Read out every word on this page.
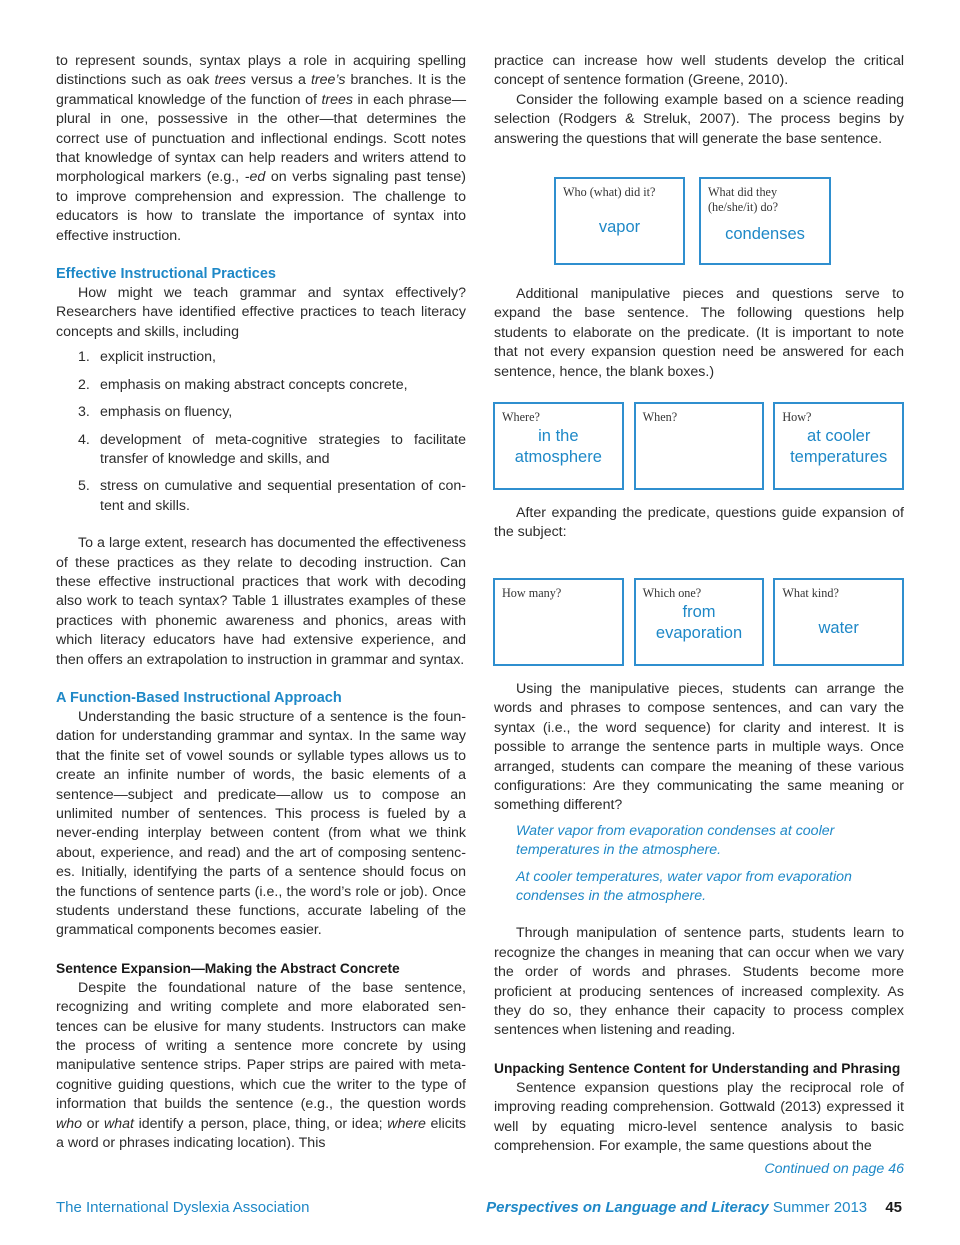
to represent sounds, syntax plays a role in acquiring spelling distinctions such as oak trees versus a tree’s branches. It is the grammatical knowledge of the function of trees in each phrase—plural in one, possessive in the other—that determines the correct use of punctuation and inflectional endings. Scott notes that knowledge of syntax can help readers and writers attend to morphological markers (e.g., -ed on verbs signaling past tense) to improve comprehension and expression. The challenge to educators is how to translate the importance of syntax into effective instruction.

Effective Instructional Practices

How might we teach grammar and syntax effectively? Researchers have identified effective practices to teach literacy concepts and skills, including

1. explicit instruction,
2. emphasis on making abstract concepts concrete,
3. emphasis on fluency,
4. development of meta-cognitive strategies to facilitate transfer of knowledge and skills, and
5. stress on cumulative and sequential presentation of con-tent and skills.

To a large extent, research has documented the effectiveness of these practices as they relate to decoding instruction. Can these effective instructional practices that work with decoding also work to teach syntax? Table 1 illustrates examples of these practices with phonemic awareness and phonics, areas with which literacy educators have had extensive experience, and then offers an extrapolation to instruction in grammar and syntax.

A Function-Based Instructional Approach

Understanding the basic structure of a sentence is the foun-dation for understanding grammar and syntax. In the same way that the finite set of vowel sounds or syllable types allows us to create an infinite number of words, the basic elements of a sentence—subject and predicate—allow us to compose an unlimited number of sentences. This process is fueled by a never-ending interplay between content (from what we think about, experience, and read) and the art of composing sentenc-es. Initially, identifying the parts of a sentence should focus on the functions of sentence parts (i.e., the word’s role or job). Once students understand these functions, accurate labeling of the grammatical components becomes easier.

Sentence Expansion—Making the Abstract Concrete

Despite the foundational nature of the base sentence, recognizing and writing complete and more elaborated sen-tences can be elusive for many students. Instructors can make the process of writing a sentence more concrete by using manipulative sentence strips. Paper strips are paired with meta-cognitive guiding questions, which cue the writer to the type of information that builds the sentence (e.g., the question words who or what identify a person, place, thing, or idea; where elicits a word or phrases indicating location). This

practice can increase how well students develop the critical concept of sentence formation (Greene, 2010).

Consider the following example based on a science reading selection (Rodgers & Streluk, 2007). The process begins by answering the questions that will generate the base sentence.

Who (what) did it?
vapor
What did they (he/she/it) do?
condenses

Additional manipulative pieces and questions serve to expand the base sentence. The following questions help students to elaborate on the predicate. (It is important to note that not every expansion question need be answered for each sentence, hence, the blank boxes.)

Where?
in the atmosphere
When?	How?
at cooler temperatures

After expanding the predicate, questions guide expansion of the subject:

How many?	Which one?
from evaporation
What kind?
water

Using the manipulative pieces, students can arrange the words and phrases to compose sentences, and can vary the syntax (i.e., the word sequence) for clarity and interest. It is possible to arrange the sentence parts in multiple ways. Once arranged, students can compare the meaning of these various configurations: Are they communicating the same meaning or something different?

Water vapor from evaporation condenses at cooler temperatures in the atmosphere.

At cooler temperatures, water vapor from evaporation condenses in the atmosphere.

Through manipulation of sentence parts, students learn to recognize the changes in meaning that can occur when we vary the order of words and phrases. Students become more proficient at producing sentences of increased complexity. As they do so, they enhance their capacity to process complex sentences when listening and reading.

Unpacking Sentence Content for Understanding and Phrasing

Sentence expansion questions play the reciprocal role of improving reading comprehension. Gottwald (2013) expressed it well by equating micro-level sentence analysis to basic comprehension. For example, the same questions about the

Continued on page 46

The International Dyslexia Association	Perspectives on Language and Literacy Summer 2013 45
